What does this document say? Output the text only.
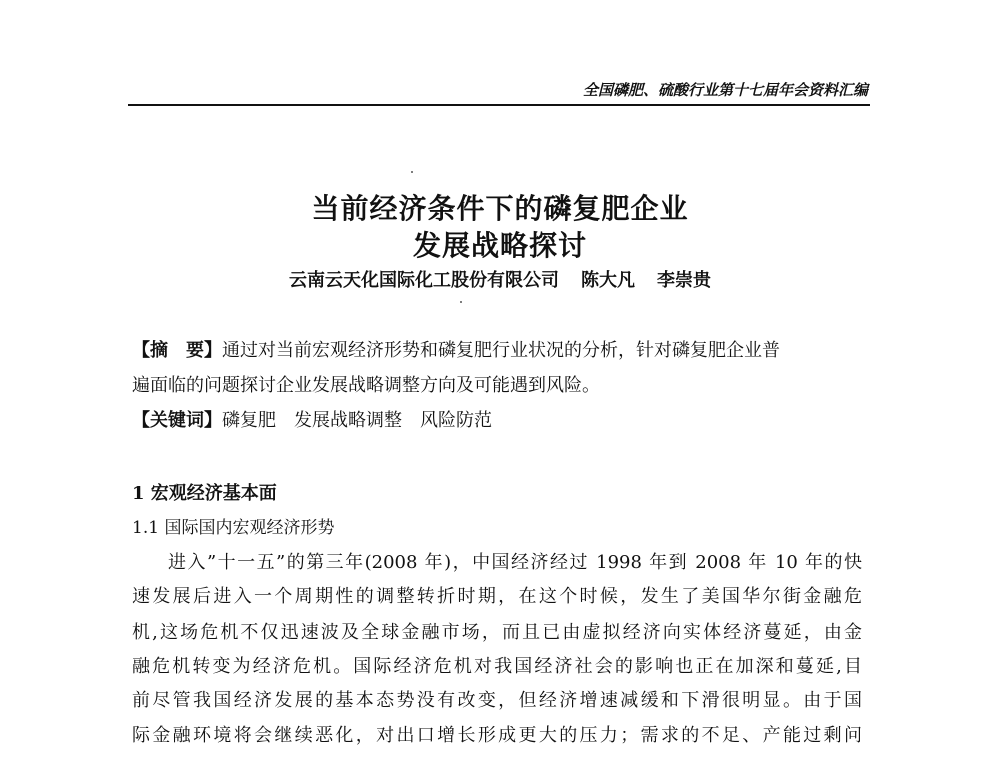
全国磷肥、硫酸行业第十七届年会资料汇编
当前经济条件下的磷复肥企业
发展战略探讨
云南云天化国际化工股份有限公司 陈大凡 李崇贵
【摘　要】通过对当前宏观经济形势和磷复肥行业状况的分析，针对磷复肥企业普
遍面临的问题探讨企业发展战略调整方向及可能遇到风险。
【关键词】磷复肥　发展战略调整　风险防范
1 宏观经济基本面
1.1 国际国内宏观经济形势
进入”十一五”的第三年(2008 年)，中国经济经过 1998 年到 2008 年 10 年的快
速发展后进入一个周期性的调整转折时期，在这个时候，发生了美国华尔街金融危
机,这场危机不仅迅速波及全球金融市场，而且已由虚拟经济向实体经济蔓延，由金
融危机转变为经济危机。国际经济危机对我国经济社会的影响也正在加深和蔓延,目
前尽管我国经济发展的基本态势没有改变，但经济增速减缓和下滑很明显。由于国
际金融环境将会继续恶化，对出口增长形成更大的压力；需求的不足、产能过剩问
